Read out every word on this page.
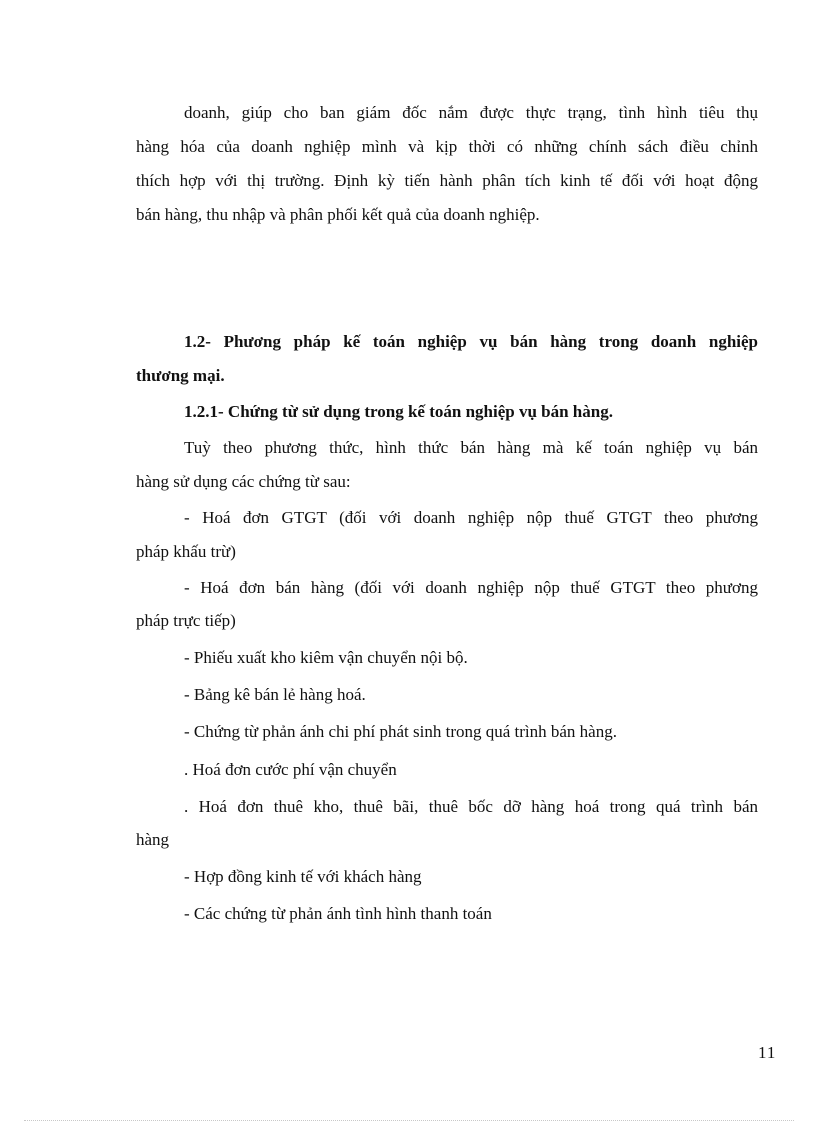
doanh, giúp cho ban giám đốc nắm được thực trạng, tình hình tiêu thụ
hàng hóa của doanh nghiệp mình và kịp thời có những chính sách điều chỉnh
thích hợp với thị trường. Định kỳ tiến hành phân tích kinh tế đối với hoạt động
bán hàng, thu nhập và phân phối kết quả của doanh nghiệp.
1.2- Phương pháp kế toán nghiệp vụ bán hàng trong doanh nghiệp
thương mại.
1.2.1- Chứng từ sử dụng trong kế toán nghiệp vụ bán hàng.
Tuỳ theo phương thức, hình thức bán hàng mà kế toán nghiệp vụ bán
hàng sử dụng các chứng từ sau:
- Hoá đơn GTGT (đối với doanh nghiệp nộp thuế GTGT theo phương
pháp khấu trừ)
- Hoá đơn bán hàng (đối với doanh nghiệp nộp thuế GTGT theo phương
pháp trực tiếp)
- Phiếu xuất kho kiêm vận chuyển nội bộ.
- Bảng kê bán lẻ hàng hoá.
- Chứng từ phản ánh chi phí phát sinh trong quá trình bán hàng.
. Hoá đơn cước phí vận chuyển
. Hoá đơn thuê kho, thuê bãi, thuê bốc dỡ hàng hoá trong quá trình bán
hàng
- Hợp đồng kinh tế với khách hàng
- Các chứng từ phản ánh tình hình thanh toán
11
